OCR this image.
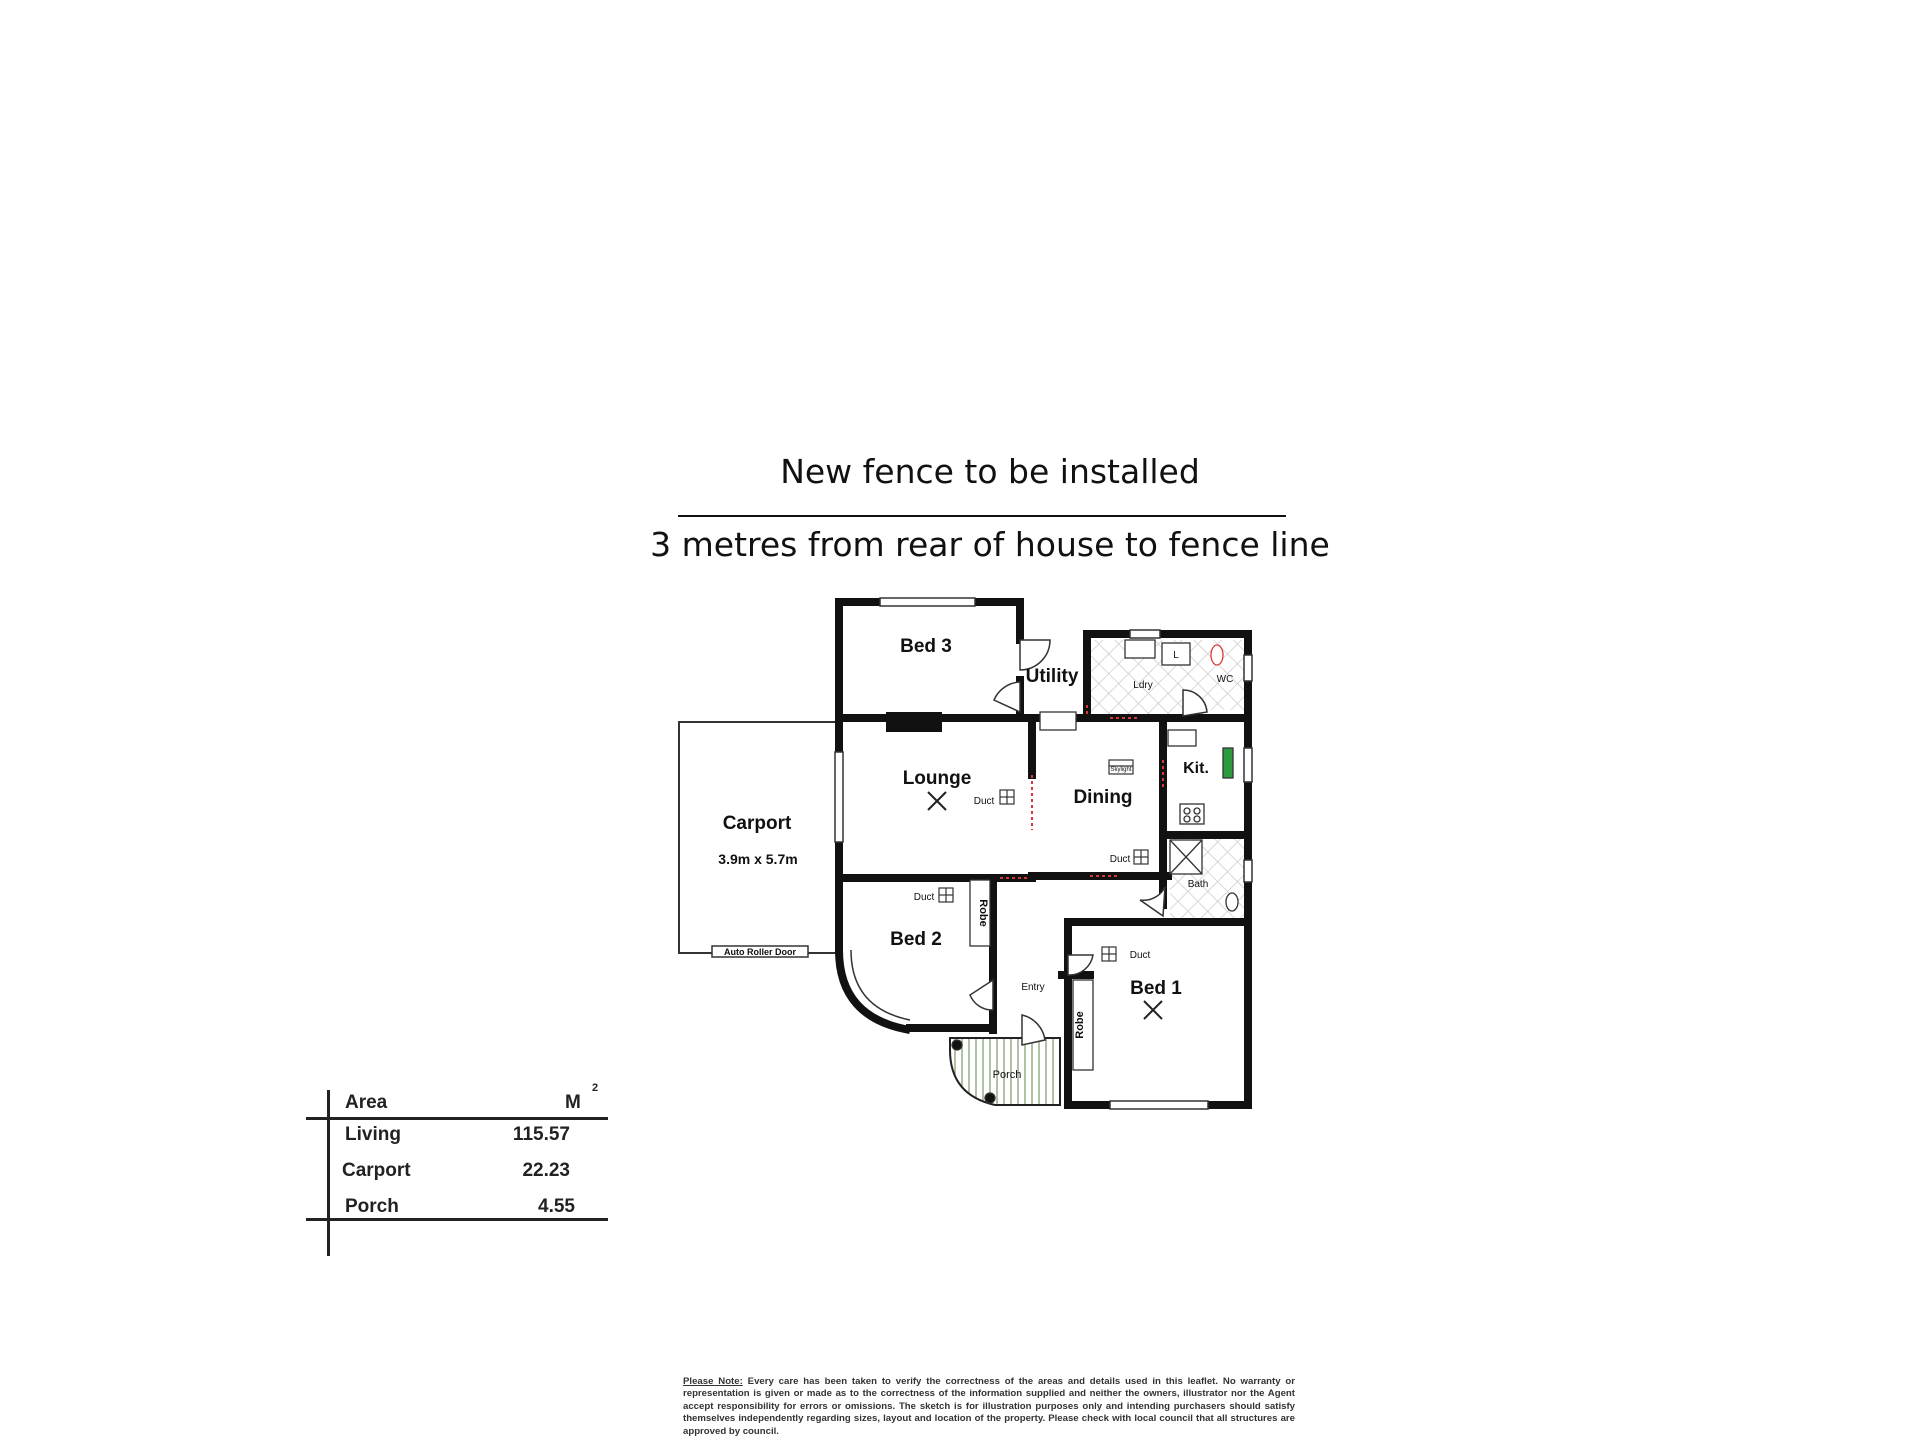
New fence to be installed
3 metres from rear of house to fence line
Bed 3
Utility	Ldry
L
WC
Lounge
Dining
Kit.
Skylight
Bath
Carport
3.9m x 5.7m
Auto Roller Door
Bed 2
Robe
Entry	Bed 1
Robe
Porch
Duct
Duct
Duct
Duct
Area	M
2
Living	115.57
Carport	22.23
Porch	4.55
Please Note: Every care has been taken to verify the correctness of the areas and details used in this leaflet. No warranty or representation is given or made as to the correctness of the information supplied and neither the owners, illustrator nor the Agent accept responsibility for errors or omissions. The sketch is for illustration purposes only and intending purchasers should satisfy themselves independently regarding sizes, layout and location of the property. Please check with local council that all structures are approved by council.
